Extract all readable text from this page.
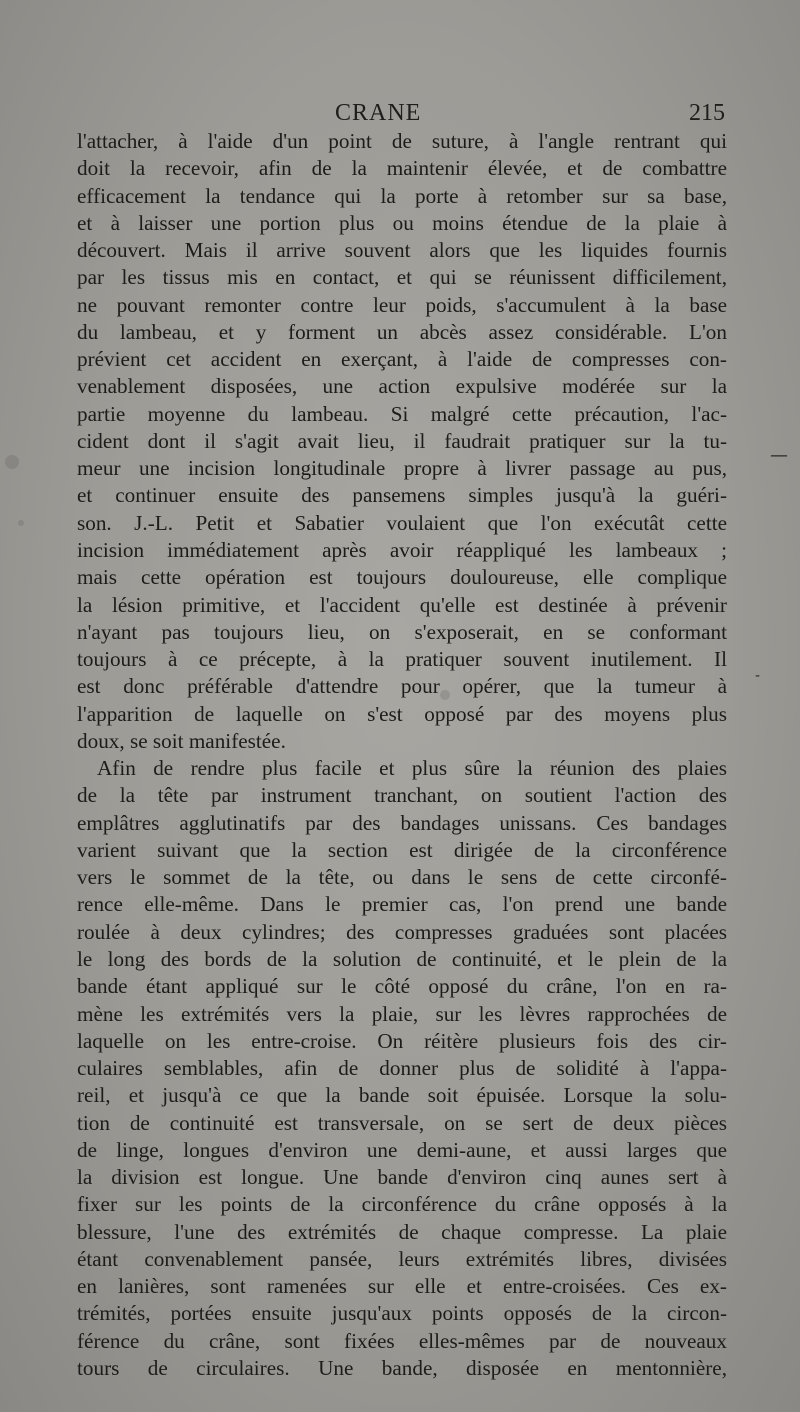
—
-
CRANE	215
l'attacher, à l'aide d'un point de suture, à l'angle rentrant qui
doit la recevoir, afin de la maintenir élevée, et de combattre
efficacement la tendance qui la porte à retomber sur sa base,
et à laisser une portion plus ou moins étendue de la plaie à
découvert. Mais il arrive souvent alors que les liquides fournis
par les tissus mis en contact, et qui se réunissent difficilement,
ne pouvant remonter contre leur poids, s'accumulent à la base
du lambeau, et y forment un abcès assez considérable. L'on
prévient cet accident en exerçant, à l'aide de compresses con-
venablement disposées, une action expulsive modérée sur la
partie moyenne du lambeau. Si malgré cette précaution, l'ac-
cident dont il s'agit avait lieu, il faudrait pratiquer sur la tu-
meur une incision longitudinale propre à livrer passage au pus,
et continuer ensuite des pansemens simples jusqu'à la guéri-
son. J.-L. Petit et Sabatier voulaient que l'on exécutât cette
incision immédiatement après avoir réappliqué les lambeaux ;
mais cette opération est toujours douloureuse, elle complique
la lésion primitive, et l'accident qu'elle est destinée à prévenir
n'ayant pas toujours lieu, on s'exposerait, en se conformant
toujours à ce précepte, à la pratiquer souvent inutilement. Il
est donc préférable d'attendre pour opérer, que la tumeur à
l'apparition de laquelle on s'est opposé par des moyens plus
doux, se soit manifestée.
Afin de rendre plus facile et plus sûre la réunion des plaies
de la tête par instrument tranchant, on soutient l'action des
emplâtres agglutinatifs par des bandages unissans. Ces bandages
varient suivant que la section est dirigée de la circonférence
vers le sommet de la tête, ou dans le sens de cette circonfé-
rence elle-même. Dans le premier cas, l'on prend une bande
roulée à deux cylindres; des compresses graduées sont placées
le long des bords de la solution de continuité, et le plein de la
bande étant appliqué sur le côté opposé du crâne, l'on en ra-
mène les extrémités vers la plaie, sur les lèvres rapprochées de
laquelle on les entre-croise. On réitère plusieurs fois des cir-
culaires semblables, afin de donner plus de solidité à l'appa-
reil, et jusqu'à ce que la bande soit épuisée. Lorsque la solu-
tion de continuité est transversale, on se sert de deux pièces
de linge, longues d'environ une demi-aune, et aussi larges que
la division est longue. Une bande d'environ cinq aunes sert à
fixer sur les points de la circonférence du crâne opposés à la
blessure, l'une des extrémités de chaque compresse. La plaie
étant convenablement pansée, leurs extrémités libres, divisées
en lanières, sont ramenées sur elle et entre-croisées. Ces ex-
trémités, portées ensuite jusqu'aux points opposés de la circon-
férence du crâne, sont fixées elles-mêmes par de nouveaux
tours de circulaires. Une bande, disposée en mentonnière,
